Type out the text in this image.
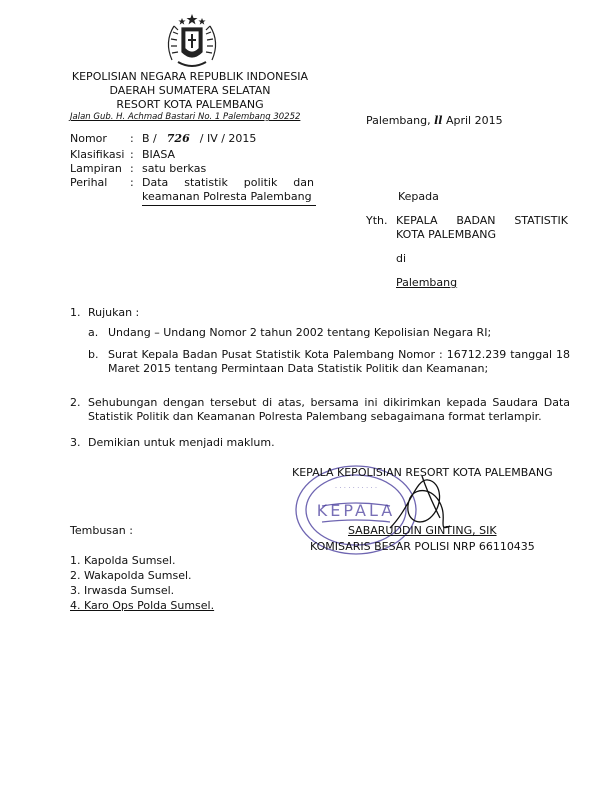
KEPOLISIAN NEGARA REPUBLIK INDONESIA
DAERAH SUMATERA SELATAN
RESORT KOTA PALEMBANG
Jalan Gub. H. Achmad Bastari No. 1 Palembang 30252	Palembang, ll April 2015
Nomor : B / 726 / IV / 2015
Klasifikasi : BIASA
Lampiran : satu berkas
Perihal : Data statistik politik dan
keamanan Polresta Palembang	Kepada
Yth. KEPALA BADAN STATISTIK
KOTA PALEMBANG
di
Palembang
1. Rujukan :
a. Undang – Undang Nomor 2 tahun 2002 tentang Kepolisian Negara RI;
b. Surat Kepala Badan Pusat Statistik Kota Palembang Nomor : 16712.239 tanggal 18
Maret 2015 tentang Permintaan Data Statistik Politik dan Keamanan;
2. Sehubungan dengan tersebut di atas, bersama ini dikirimkan kepada Saudara Data
Statistik Politik dan Keamanan Polresta Palembang sebagaimana format terlampir.
3. Demikian untuk menjadi maklum.
KEPALA
· · · · · · · · · ·
KEPALA KEPOLISIAN RESORT KOTA PALEMBANG
SABARUDDIN GINTING, SIK
KOMISARIS BESAR POLISI NRP 66110435
Tembusan :
1. Kapolda Sumsel.
2. Wakapolda Sumsel.
3. Irwasda Sumsel.
4. Karo Ops Polda Sumsel.
